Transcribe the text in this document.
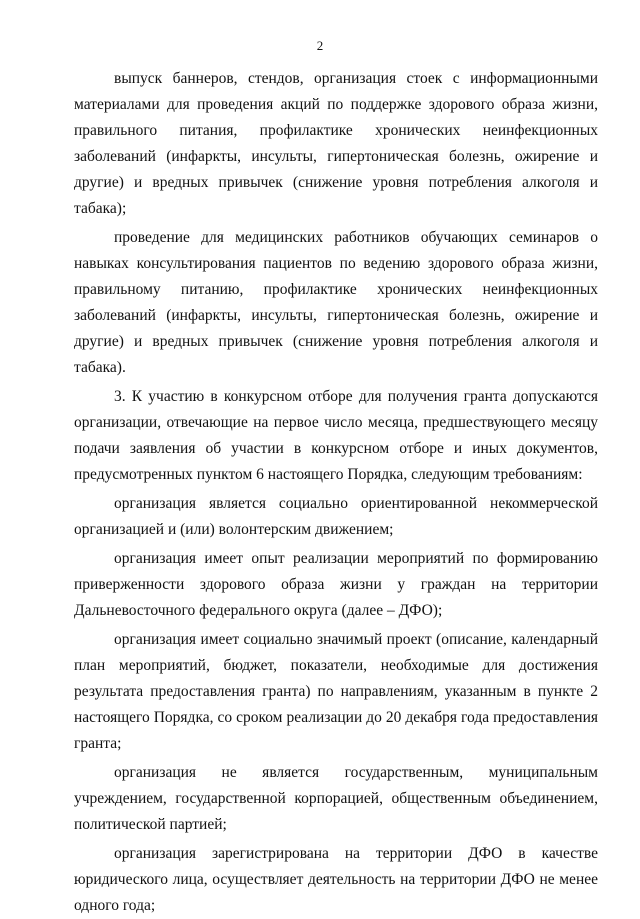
2

выпуск баннеров, стендов, организация стоек с информационными материалами для проведения акций по поддержке здорового образа жизни, правильного питания, профилактике хронических неинфекционных заболеваний (инфаркты, инсульты, гипертоническая болезнь, ожирение и другие) и вредных привычек (снижение уровня потребления алкоголя и табака);

проведение для медицинских работников обучающих семинаров о навыках консультирования пациентов по ведению здорового образа жизни, правильному питанию, профилактике хронических неинфекционных заболеваний (инфаркты, инсульты, гипертоническая болезнь, ожирение и другие) и вредных привычек (снижение уровня потребления алкоголя и табака).

3. К участию в конкурсном отборе для получения гранта допускаются организации, отвечающие на первое число месяца, предшествующего месяцу подачи заявления об участии в конкурсном отборе и иных документов, предусмотренных пунктом 6 настоящего Порядка, следующим требованиям:

организация является социально ориентированной некоммерческой организацией и (или) волонтерским движением;

организация имеет опыт реализации мероприятий по формированию приверженности здорового образа жизни у граждан на территории Дальневосточного федерального округа (далее – ДФО);

организация имеет социально значимый проект (описание, календарный план мероприятий, бюджет, показатели, необходимые для достижения результата предоставления гранта) по направлениям, указанным в пункте 2 настоящего Порядка, со сроком реализации до 20 декабря года предоставления гранта;

организация не является государственным, муниципальным учреждением, государственной корпорацией, общественным объединением, политической партией;

организация зарегистрирована на территории ДФО в качестве юридического лица, осуществляет деятельность на территории ДФО не менее одного года;
